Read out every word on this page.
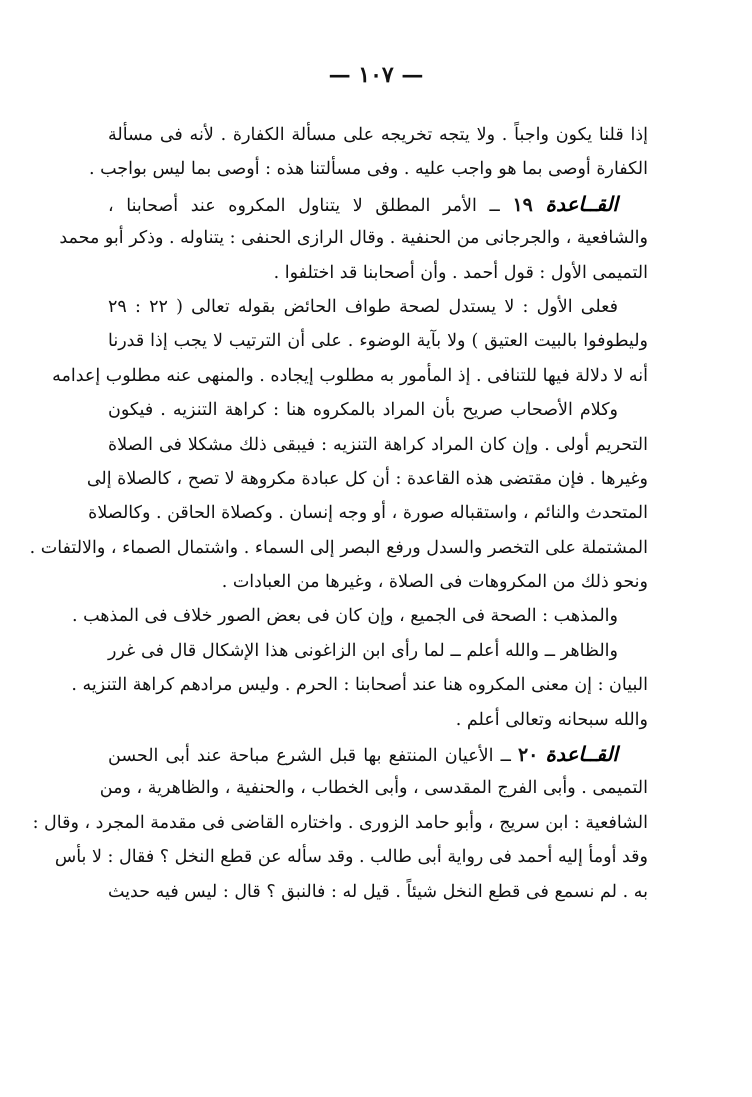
— ١٠٧ —
إذا قلنا يكون واجباً . ولا يتجه تخريجه على مسألة الكفارة . لأنه فى مسألة
الكفارة أوصى بما هو واجب عليه . وفى مسألتنا هذه : أوصى بما ليس بواجب .
القــاعدة ١٩ ــ الأمر المطلق لا يتناول المكروه عند أصحابنا ،
والشافعية ، والجرجانى من الحنفية . وقال الرازى الحنفى : يتناوله . وذكر أبو محمد
التميمى الأول : قول أحمد . وأن أصحابنا قد اختلفوا .
فعلى الأول : لا يستدل لصحة طواف الحائض بقوله تعالى ( ٢٢ : ٢٩
وليطوفوا بالبيت العتيق ) ولا بآية الوضوء . على أن الترتيب لا يجب إذا قدرنا
أنه لا دلالة فيها للتنافى . إذ المأمور به مطلوب إيجاده . والمنهى عنه مطلوب إعدامه
وكلام الأصحاب صريح بأن المراد بالمكروه هنا : كراهة التنزيه . فيكون
التحريم أولى . وإن كان المراد كراهة التنزيه : فيبقى ذلك مشكلا فى الصلاة
وغيرها . فإن مقتضى هذه القاعدة : أن كل عبادة مكروهة لا تصح ، كالصلاة إلى
المتحدث والنائم ، واستقباله صورة ، أو وجه إنسان . وكصلاة الحاقن . وكالصلاة
المشتملة على التخصر والسدل ورفع البصر إلى السماء . واشتمال الصماء ، والالتفات .
ونحو ذلك من المكروهات فى الصلاة ، وغيرها من العبادات .
والمذهب : الصحة فى الجميع ، وإن كان فى بعض الصور خلاف فى المذهب .
والظاهر ــ والله أعلم ــ لما رأى ابن الزاغونى هذا الإشكال قال فى غرر
البيان : إن معنى المكروه هنا عند أصحابنا : الحرم . وليس مرادهم كراهة التنزيه .
والله سبحانه وتعالى أعلم .
القــاعدة ٢٠ ــ الأعيان المنتفع بها قبل الشرع مباحة عند أبى الحسن
التميمى . وأبى الفرج المقدسى ، وأبى الخطاب ، والحنفية ، والظاهرية ، ومن
الشافعية : ابن سريج ، وأبو حامد الزورى . واختاره القاضى فى مقدمة المجرد ، وقال :
وقد أومأ إليه أحمد فى رواية أبى طالب . وقد سأله عن قطع النخل ؟ فقال : لا بأس
به . لم نسمع فى قطع النخل شيئاً . قيل له : فالنبق ؟ قال : ليس فيه حديث
